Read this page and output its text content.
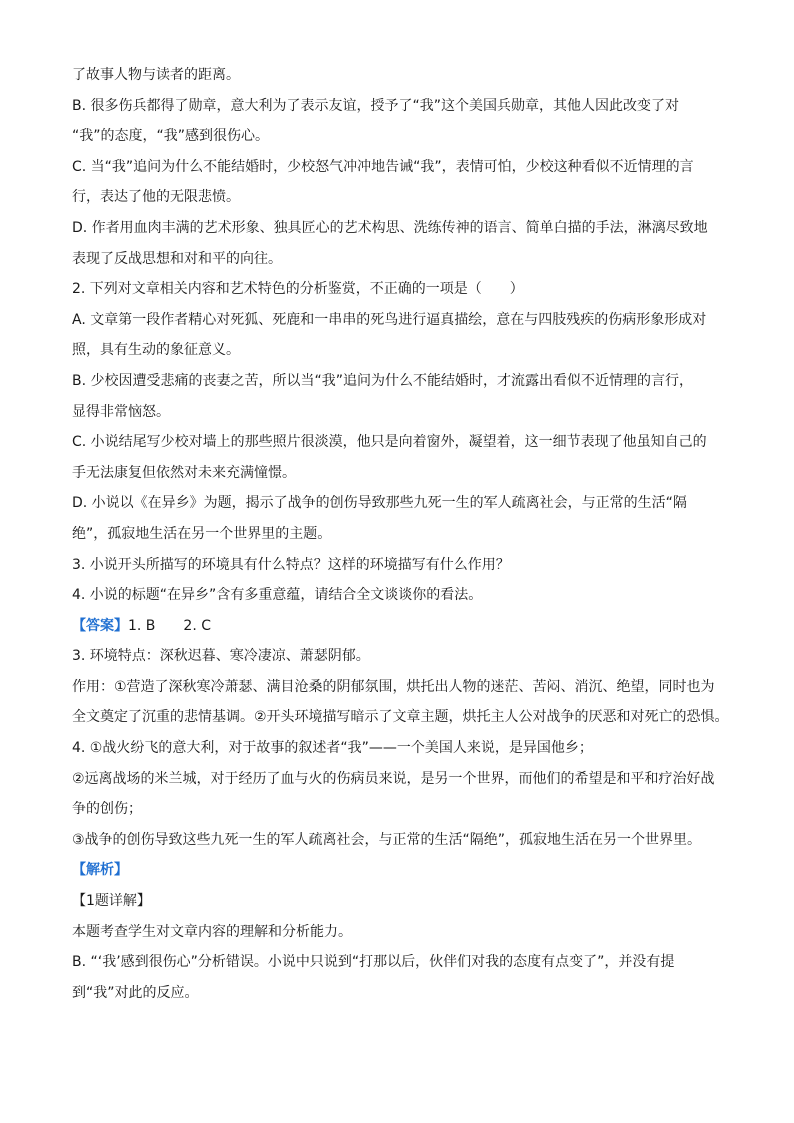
了故事人物与读者的距离。
B. 很多伤兵都得了勋章，意大利为了表示友谊，授予了“我”这个美国兵勋章，其他人因此改变了对
“我”的态度，“我”感到很伤心。
C. 当“我”追问为什么不能结婚时，少校怒气冲冲地告诫“我”，表情可怕，少校这种看似不近情理的言
行，表达了他的无限悲愤。
D. 作者用血肉丰满的艺术形象、独具匠心的艺术构思、洗练传神的语言、简单白描的手法，淋漓尽致地
表现了反战思想和对和平的向往。
2. 下列对文章相关内容和艺术特色的分析鉴赏，不正确的一项是（　　）
A. 文章第一段作者精心对死狐、死鹿和一串串的死鸟进行逼真描绘，意在与四肢残疾的伤病形象形成对
照，具有生动的象征意义。
B. 少校因遭受悲痛的丧妻之苦，所以当“我”追问为什么不能结婚时，才流露出看似不近情理的言行，
显得非常恼怒。
C. 小说结尾写少校对墙上的那些照片很淡漠，他只是向着窗外，凝望着，这一细节表现了他虽知自己的
手无法康复但依然对未来充满憧憬。
D. 小说以《在异乡》为题，揭示了战争的创伤导致那些九死一生的军人疏离社会，与正常的生活“隔
绝”，孤寂地生活在另一个世界里的主题。
3. 小说开头所描写的环境具有什么特点？这样的环境描写有什么作用？
4. 小说的标题“在异乡”含有多重意蕴，请结合全文谈谈你的看法。
【答案】1. B　　2. C
3. 环境特点：深秋迟暮、寒冷凄凉、萧瑟阴郁。
作用：①营造了深秋寒冷萧瑟、满目沧桑的阴郁氛围，烘托出人物的迷茫、苦闷、消沉、绝望，同时也为
全文奠定了沉重的悲情基调。②开头环境描写暗示了文章主题，烘托主人公对战争的厌恶和对死亡的恐惧。
4. ①战火纷飞的意大利，对于故事的叙述者“我”——一个美国人来说，是异国他乡；
②远离战场的米兰城，对于经历了血与火的伤病员来说，是另一个世界，而他们的希望是和平和疗治好战
争的创伤；
③战争的创伤导致这些九死一生的军人疏离社会，与正常的生活“隔绝”，孤寂地生活在另一个世界里。
【解析】
【1题详解】
本题考查学生对文章内容的理解和分析能力。
B. “‘我’感到很伤心”分析错误。小说中只说到“打那以后，伙伴们对我的态度有点变了”，并没有提
到“我”对此的反应。
